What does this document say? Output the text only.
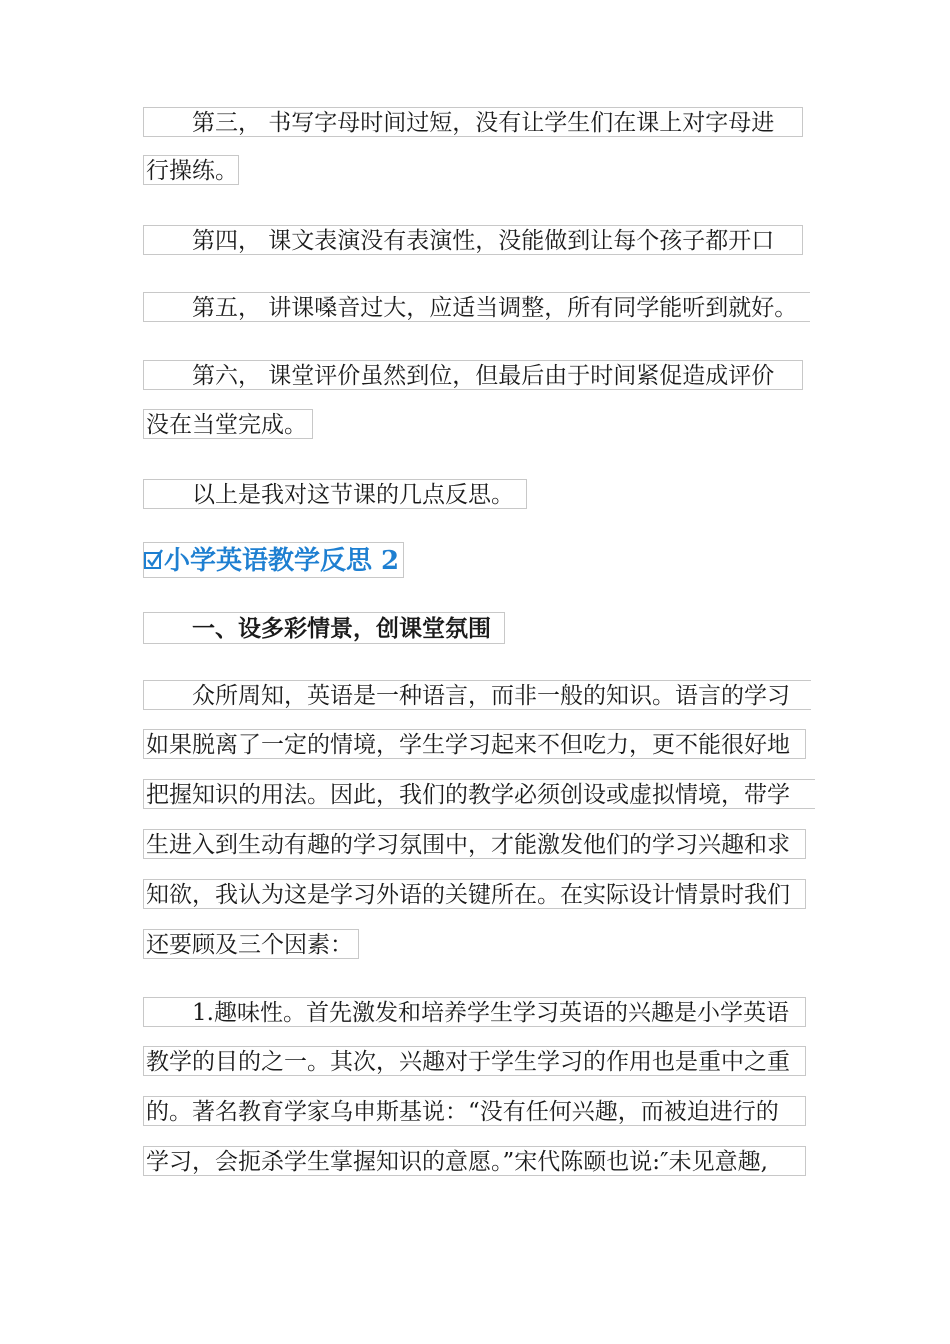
第三， 书写字母时间过短，没有让学生们在课上对字母进
行操练。
第四， 课文表演没有表演性，没能做到让每个孩子都开口
第五， 讲课嗓音过大，应适当调整，所有同学能听到就好。
第六， 课堂评价虽然到位，但最后由于时间紧促造成评价
没在当堂完成。
以上是我对这节课的几点反思。
小学英语教学反思 2
一、设多彩情景，创课堂氛围
众所周知，英语是一种语言，而非一般的知识。语言的学习
如果脱离了一定的情境，学生学习起来不但吃力，更不能很好地
把握知识的用法。因此，我们的教学必须创设或虚拟情境，带学
生进入到生动有趣的学习氛围中，才能激发他们的学习兴趣和求
知欲，我认为这是学习外语的关键所在。在实际设计情景时我们
还要顾及三个因素：
1.趣味性。首先激发和培养学生学习英语的兴趣是小学英语
教学的目的之一。其次，兴趣对于学生学习的作用也是重中之重
的。著名教育学家乌申斯基说：“没有任何兴趣，而被迫进行的
学习，会扼杀学生掌握知识的意愿。”宋代陈颐也说:″未见意趣,
